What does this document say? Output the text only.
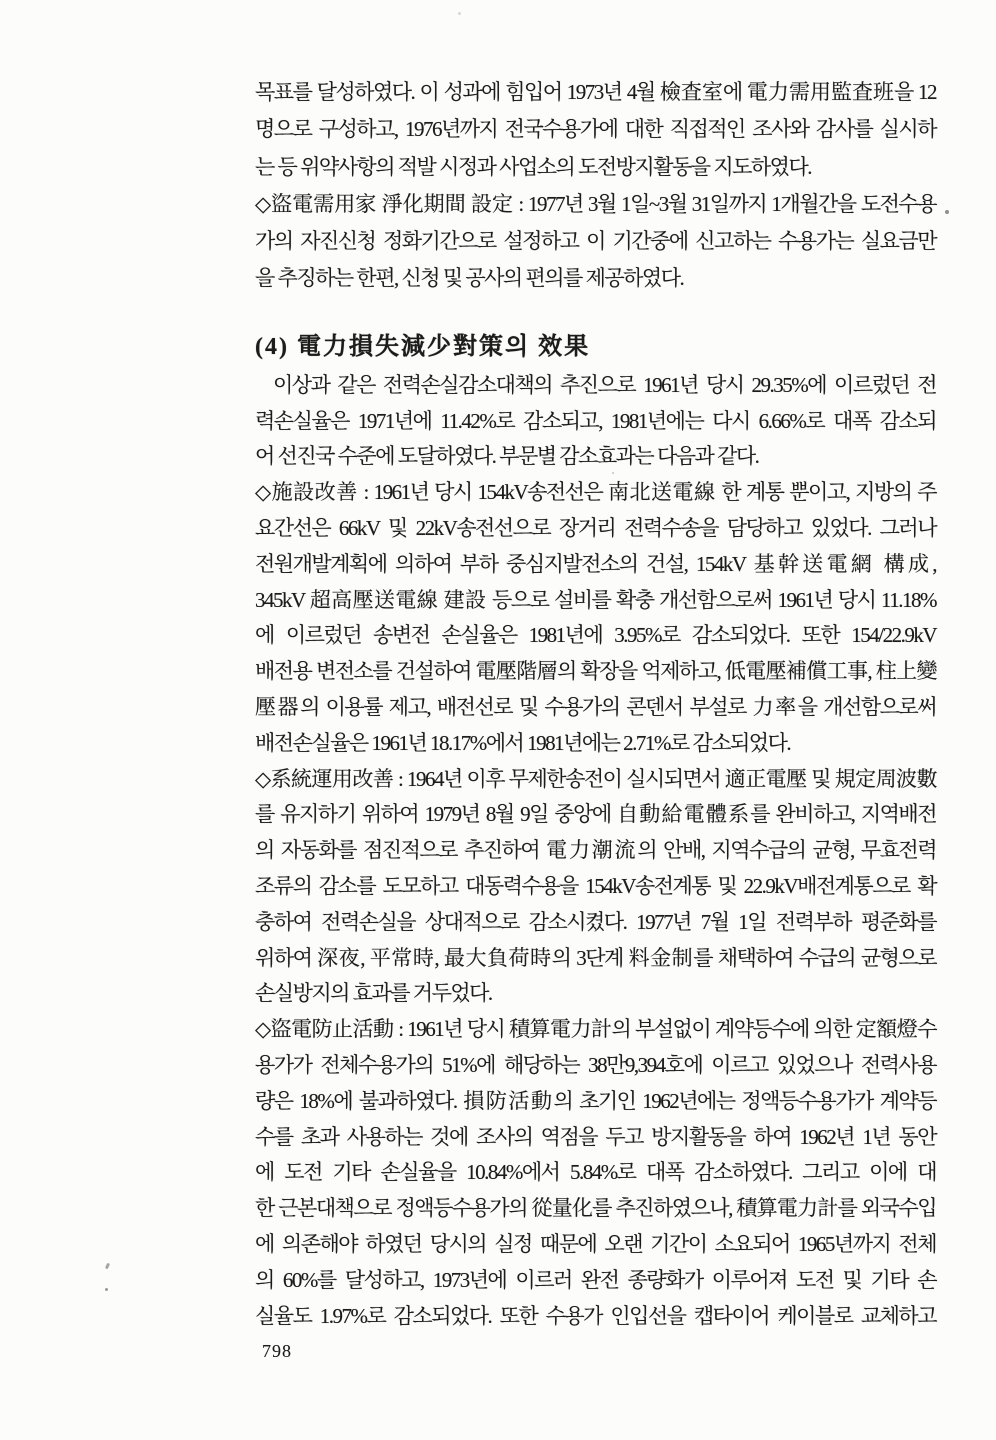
목표를 달성하였다. 이 성과에 힘입어 1973년 4월 檢査室에 電力需用監査班을 12
명으로 구성하고, 1976년까지 전국수용가에 대한 직접적인 조사와 감사를 실시하
는 등 위약사항의 적발 시정과 사업소의 도전방지활동을 지도하였다.
◇盜電需用家 淨化期間 設定 : 1977년 3월 1일~3월 31일까지 1개월간을 도전수용
가의 자진신청 정화기간으로 설정하고 이 기간중에 신고하는 수용가는 실요금만
을 추징하는 한편, 신청 및 공사의 편의를 제공하였다.
(4) 電力損失減少對策의 效果
이상과 같은 전력손실감소대책의 추진으로 1961년 당시 29.35%에 이르렀던 전
력손실율은 1971년에 11.42%로 감소되고, 1981년에는 다시 6.66%로 대폭 감소되
어 선진국 수준에 도달하였다. 부문별 감소효과는 다음과 같다.
◇施設改善 : 1961년 당시 154kV송전선은 南北送電線 한 계통 뿐이고, 지방의 주
요간선은 66kV 및 22kV송전선으로 장거리 전력수송을 담당하고 있었다. 그러나
전원개발계획에 의하여 부하 중심지발전소의 건설, 154kV 基幹送電網 構成,
345kV 超高壓送電線 建設 등으로 설비를 확충 개선함으로써 1961년 당시 11.18%
에 이르렀던 송변전 손실율은 1981년에 3.95%로 감소되었다. 또한 154/22.9kV
배전용 변전소를 건설하여 電壓階層의 확장을 억제하고, 低電壓補償工事, 柱上變
壓器의 이용률 제고, 배전선로 및 수용가의 콘덴서 부설로 力率을 개선함으로써
배전손실율은 1961년 18.17%에서 1981년에는 2.71%로 감소되었다.
◇系統運用改善 : 1964년 이후 무제한송전이 실시되면서 適正電壓 및 規定周波數
를 유지하기 위하여 1979년 8월 9일 중앙에 自動給電體系를 완비하고, 지역배전
의 자동화를 점진적으로 추진하여 電力潮流의 안배, 지역수급의 균형, 무효전력
조류의 감소를 도모하고 대동력수용을 154kV송전계통 및 22.9kV배전계통으로 확
충하여 전력손실을 상대적으로 감소시켰다. 1977년 7월 1일 전력부하 평준화를
위하여 深夜, 平常時, 最大負荷時의 3단계 料金制를 채택하여 수급의 균형으로
손실방지의 효과를 거두었다.
◇盜電防止活動 : 1961년 당시 積算電力計의 부설없이 계약등수에 의한 定額燈수
용가가 전체수용가의 51%에 해당하는 38만9,394호에 이르고 있었으나 전력사용
량은 18%에 불과하였다. 損防活動의 초기인 1962년에는 정액등수용가가 계약등
수를 초과 사용하는 것에 조사의 역점을 두고 방지활동을 하여 1962년 1년 동안
에 도전 기타 손실율을 10.84%에서 5.84%로 대폭 감소하였다. 그리고 이에 대
한 근본대책으로 정액등수용가의 從量化를 추진하였으나, 積算電力計를 외국수입
에 의존해야 하였던 당시의 실정 때문에 오랜 기간이 소요되어 1965년까지 전체
의 60%를 달성하고, 1973년에 이르러 완전 종량화가 이루어져 도전 및 기타 손
실율도 1.97%로 감소되었다. 또한 수용가 인입선을 캡타이어 케이블로 교체하고
798
